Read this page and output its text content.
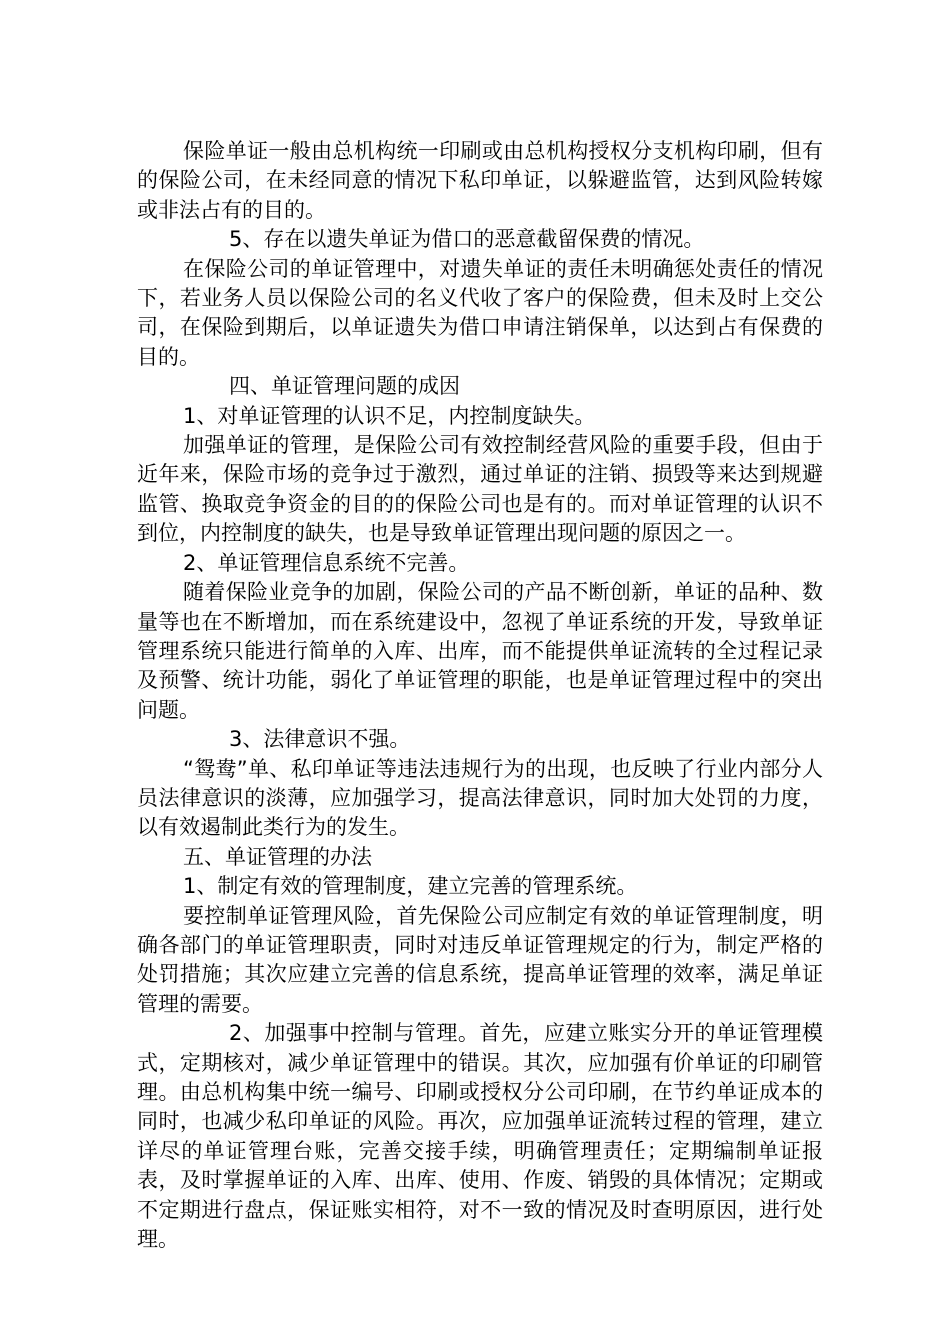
保险单证一般由总机构统一印刷或由总机构授权分支机构印刷，但有的保险公司，在未经同意的情况下私印单证，以躲避监管，达到风险转嫁或非法占有的目的。

5、存在以遗失单证为借口的恶意截留保费的情况。

在保险公司的单证管理中，对遗失单证的责任未明确惩处责任的情况下，若业务人员以保险公司的名义代收了客户的保险费，但未及时上交公司，在保险到期后，以单证遗失为借口申请注销保单，以达到占有保费的目的。

四、单证管理问题的成因

1、对单证管理的认识不足，内控制度缺失。

加强单证的管理，是保险公司有效控制经营风险的重要手段，但由于近年来，保险市场的竞争过于激烈，通过单证的注销、损毁等来达到规避监管、换取竞争资金的目的的保险公司也是有的。而对单证管理的认识不到位，内控制度的缺失，也是导致单证管理出现问题的原因之一。

2、单证管理信息系统不完善。

随着保险业竞争的加剧，保险公司的产品不断创新，单证的品种、数量等也在不断增加，而在系统建设中，忽视了单证系统的开发，导致单证管理系统只能进行简单的入库、出库，而不能提供单证流转的全过程记录及预警、统计功能，弱化了单证管理的职能，也是单证管理过程中的突出问题。

3、法律意识不强。

“鸳鸯”单、私印单证等违法违规行为的出现，也反映了行业内部分人员法律意识的淡薄，应加强学习，提高法律意识，同时加大处罚的力度，以有效遏制此类行为的发生。

五、单证管理的办法

1、制定有效的管理制度，建立完善的管理系统。

要控制单证管理风险，首先保险公司应制定有效的单证管理制度，明确各部门的单证管理职责，同时对违反单证管理规定的行为，制定严格的处罚措施；其次应建立完善的信息系统，提高单证管理的效率，满足单证管理的需要。

2、加强事中控制与管理。首先，应建立账实分开的单证管理模式，定期核对，减少单证管理中的错误。其次，应加强有价单证的印刷管理。由总机构集中统一编号、印刷或授权分公司印刷，在节约单证成本的同时，也减少私印单证的风险。再次，应加强单证流转过程的管理，建立详尽的单证管理台账，完善交接手续，明确管理责任；定期编制单证报表，及时掌握单证的入库、出库、使用、作废、销毁的具体情况；定期或不定期进行盘点，保证账实相符，对不一致的情况及时查明原因，进行处理。
